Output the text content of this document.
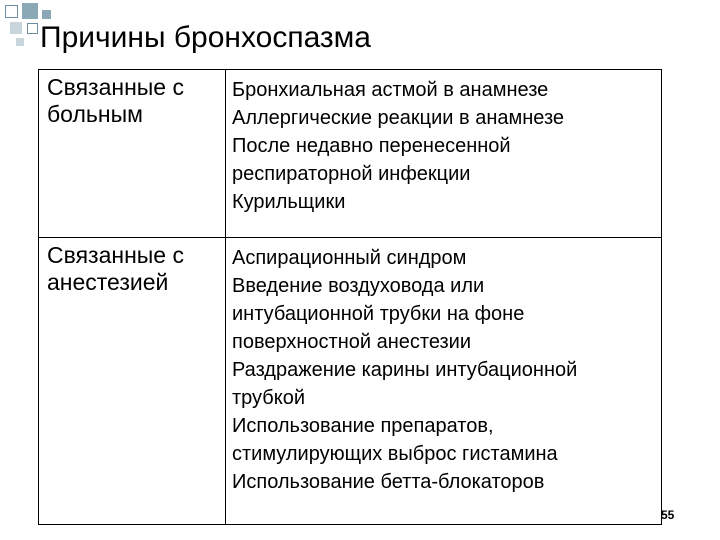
Причины бронхоспазма
Связанные с
больным
Бронхиальная астмой в анамнезе
Аллергические реакции в анамнезе
После недавно перенесенной
респираторной инфекции
Курильщики
Связанные с
анестезией
Аспирационный синдром
Введение воздуховода или
интубационной трубки на фоне
поверхностной анестезии
Раздражение карины интубационной
трубкой
Использование препаратов,
стимулирующих выброс гистамина
Использование бетта-блокаторов
55
